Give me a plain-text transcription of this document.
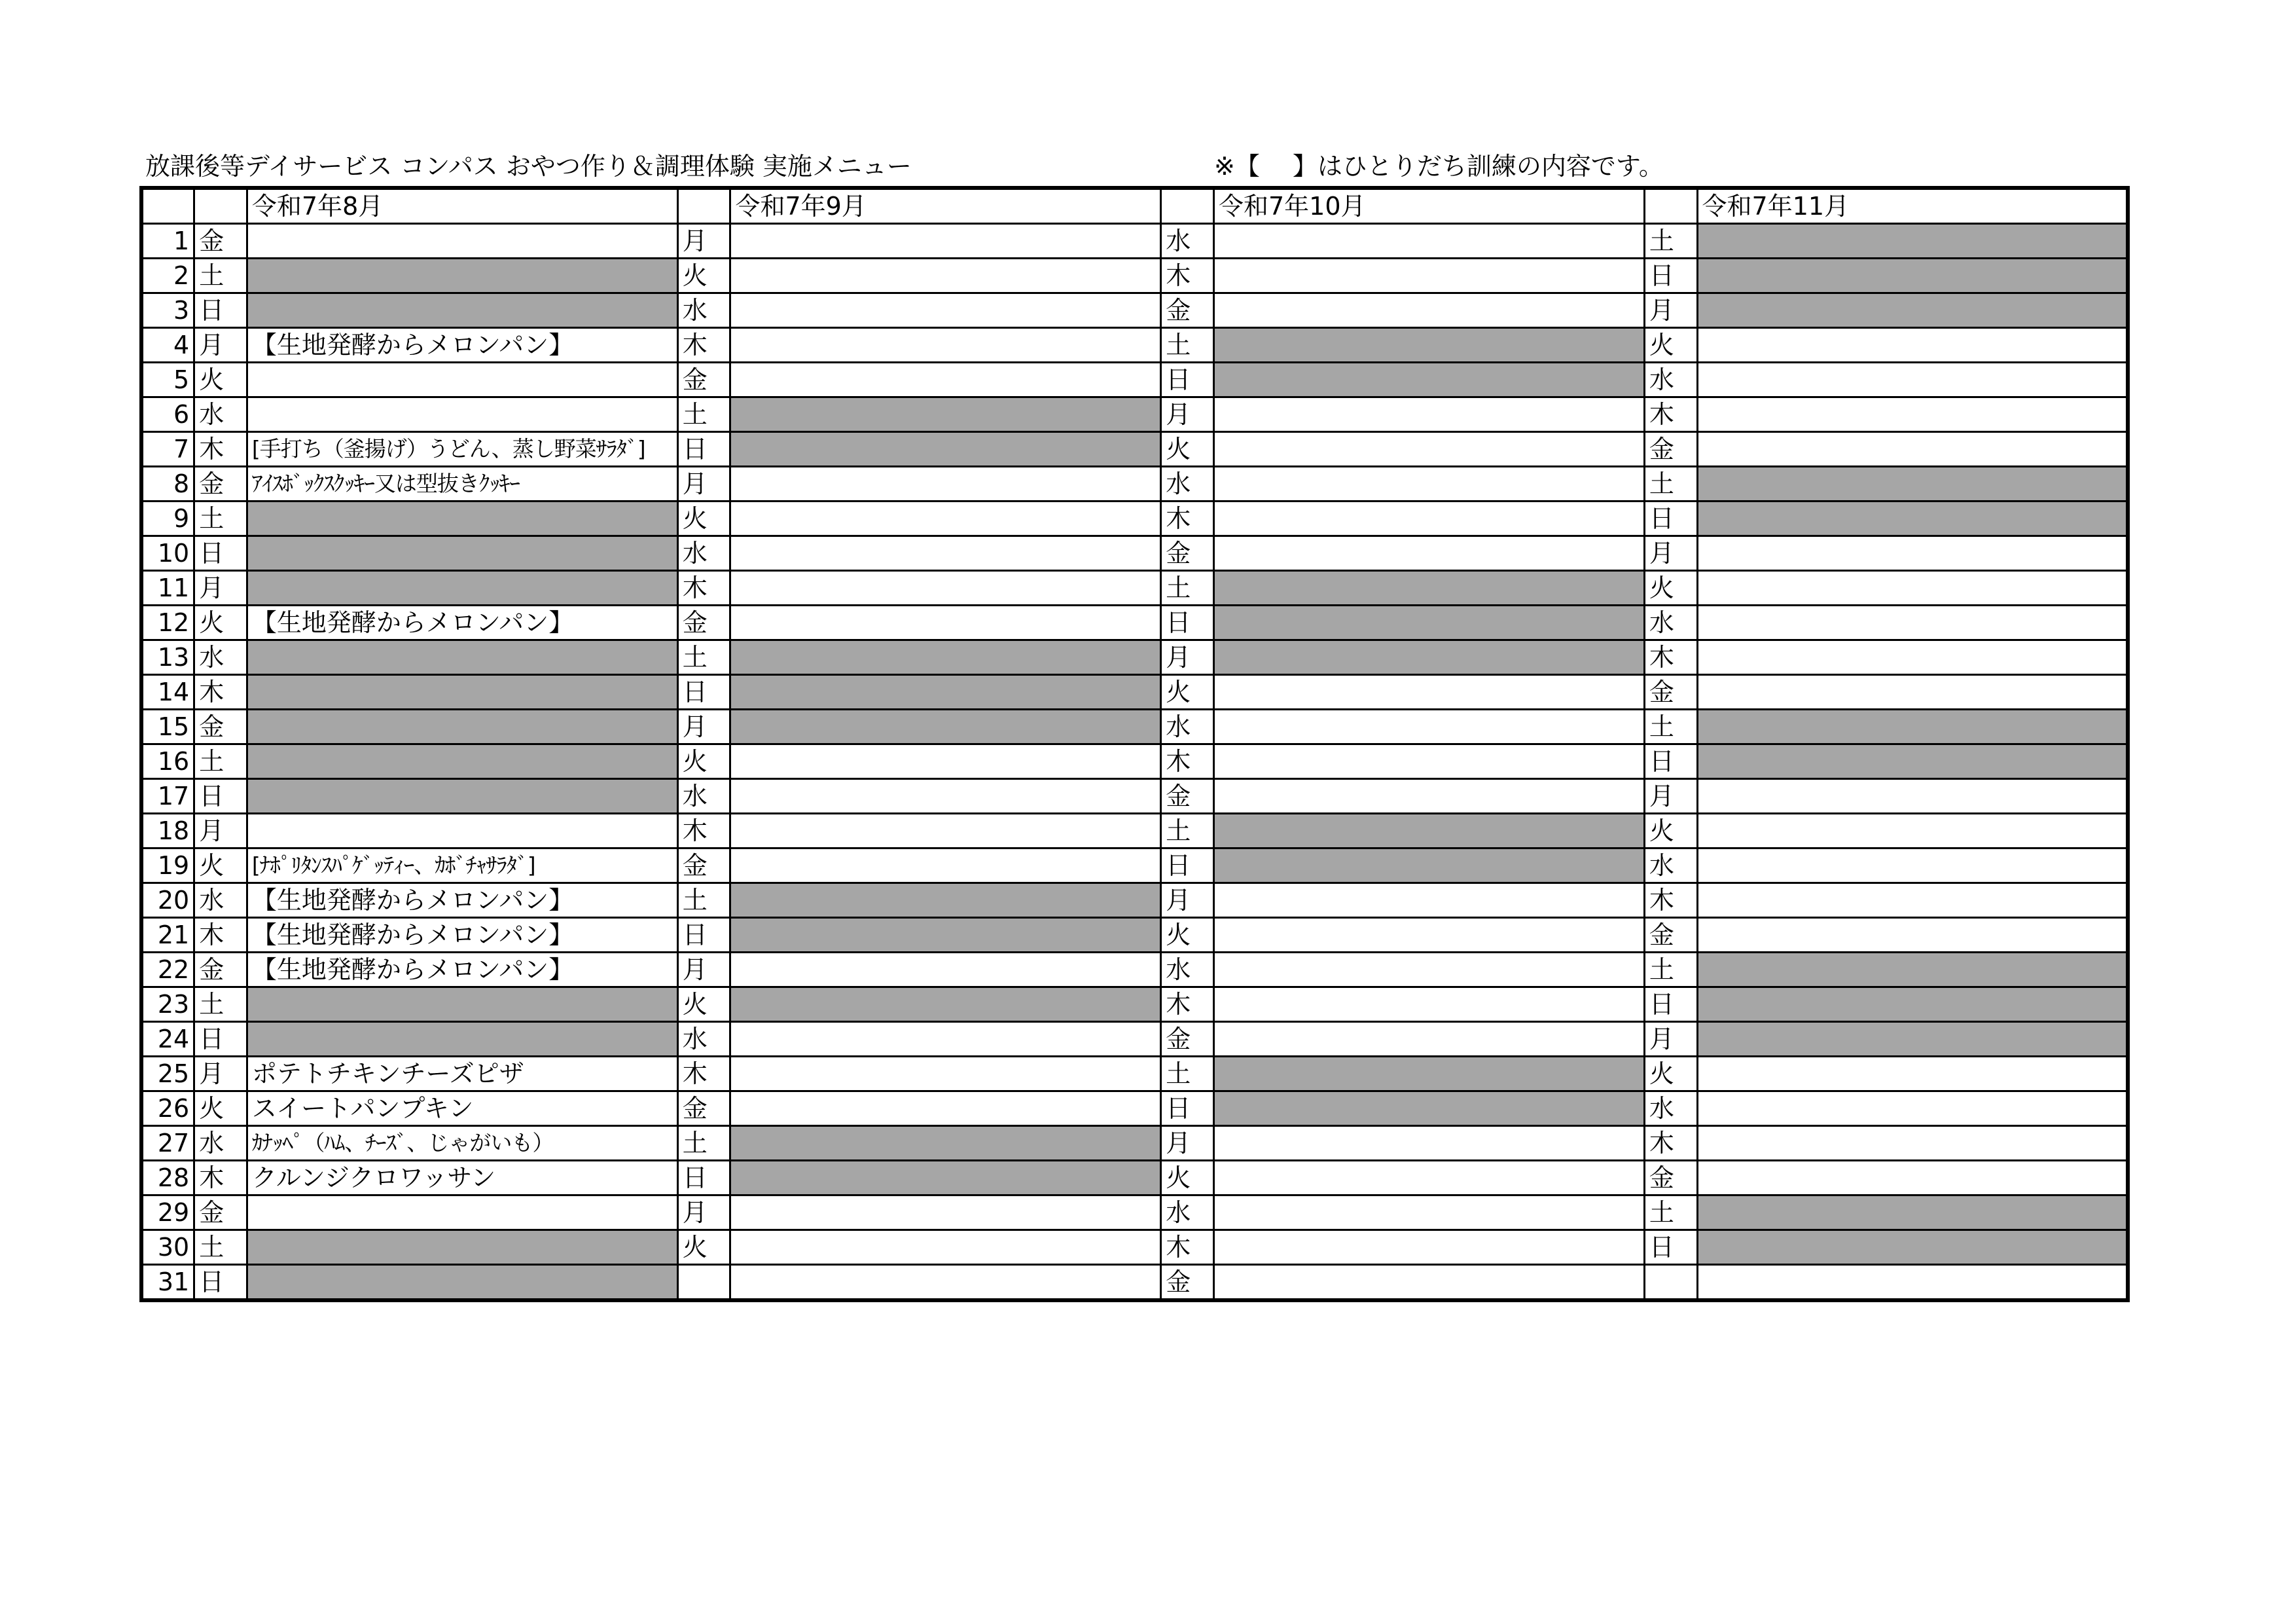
放課後等デイサービス コンパス おやつ作り＆調理体験 実施メニュー	※【　 】はひとりだち訓練の内容です。
		令和7年8月		令和7年9月		令和7年10月		令和7年11月
1	金		月		水		土	
2	土		火		木		日	
3	日		水		金		月	
4	月	【生地発酵からメロンパン】	木		土		火	
5	火		金		日		水	
6	水		土		月		木	
7	木	[手打ち（釜揚げ）うどん、蒸し野菜ｻﾗﾀﾞ]	日		火		金	
8	金	ｱｲｽﾎﾞｯｸｽｸｯｷｰ又は型抜きｸｯｷｰ	月		水		土	
9	土		火		木		日	
10	日		水		金		月	
11	月		木		土		火	
12	火	【生地発酵からメロンパン】	金		日		水	
13	水		土		月		木	
14	木		日		火		金	
15	金		月		水		土	
16	土		火		木		日	
17	日		水		金		月	
18	月		木		土		火	
19	火	[ﾅﾎﾟﾘﾀﾝｽﾊﾟｹﾞｯﾃｨｰ、ｶﾎﾞﾁｬｻﾗﾀﾞ]	金		日		水	
20	水	【生地発酵からメロンパン】	土		月		木	
21	木	【生地発酵からメロンパン】	日		火		金	
22	金	【生地発酵からメロンパン】	月		水		土	
23	土		火		木		日	
24	日		水		金		月	
25	月	ポテトチキンチーズピザ	木		土		火	
26	火	スイートパンプキン	金		日		水	
27	水	ｶﾅｯﾍﾟ（ﾊﾑ、ﾁｰｽﾞ、じゃがいも）	土		月		木	
28	木	クルンジクロワッサン	日		火		金	
29	金		月		水		土	
30	土		火		木		日	
31	日				金			
